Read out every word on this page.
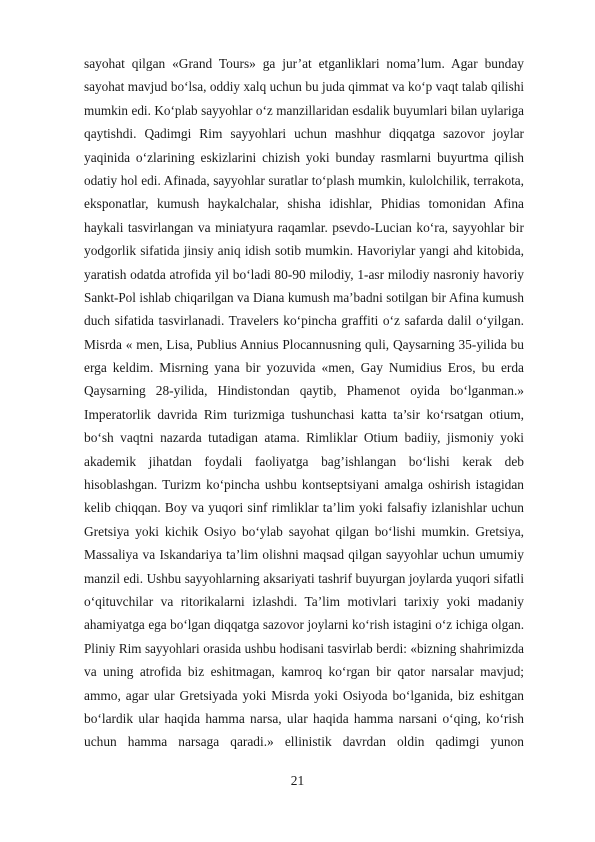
sayohat qilgan «Grand Tours» ga jur’at etganliklari noma’lum. Agar bunday
sayohat mavjud bo‘lsa, oddiy xalq uchun bu juda qimmat va ko‘p vaqt talab qilishi
mumkin edi. Ko‘plab sayyohlar o‘z manzillaridan esdalik buyumlari bilan uylariga
qaytishdi. Qadimgi Rim sayyohlari uchun mashhur diqqatga sazovor joylar
yaqinida o‘zlarining eskizlarini chizish yoki bunday rasmlarni buyurtma qilish
odatiy hol edi. Afinada, sayyohlar suratlar to‘plash mumkin, kulolchilik, terrakota,
eksponatlar, kumush haykalchalar, shisha idishlar, Phidias tomonidan Afina
haykali tasvirlangan va miniatyura raqamlar. psevdo-Lucian ko‘ra, sayyohlar bir
yodgorlik sifatida jinsiy aniq idish sotib mumkin. Havoriylar yangi ahd kitobida,
yaratish odatda atrofida yil bo‘ladi 80-90 milodiy, 1-asr milodiy nasroniy havoriy
Sankt-Pol ishlab chiqarilgan va Diana kumush ma’badni sotilgan bir Afina kumush
duch sifatida tasvirlanadi. Travelers ko‘pincha graffiti o‘z safarda dalil o‘yilgan.
Misrda « men, Lisa, Publius Annius Plocannusning quli, Qaysarning 35-yilida bu
erga keldim. Misrning yana bir yozuvida «men, Gay Numidius Eros, bu erda
Qaysarning 28-yilida, Hindistondan qaytib, Phamenot oyida bo‘lganman.»
Imperatorlik davrida Rim turizmiga tushunchasi katta ta’sir ko‘rsatgan otium,
bo‘sh vaqtni nazarda tutadigan atama. Rimliklar Otium badiiy, jismoniy yoki
akademik jihatdan foydali faoliyatga bag’ishlangan bo‘lishi kerak deb
hisoblashgan. Turizm ko‘pincha ushbu kontseptsiyani amalga oshirish istagidan
kelib chiqqan. Boy va yuqori sinf rimliklar ta’lim yoki falsafiy izlanishlar uchun
Gretsiya yoki kichik Osiyo bo‘ylab sayohat qilgan bo‘lishi mumkin. Gretsiya,
Massaliya va Iskandariya ta’lim olishni maqsad qilgan sayyohlar uchun umumiy
manzil edi. Ushbu sayyohlarning aksariyati tashrif buyurgan joylarda yuqori sifatli
o‘qituvchilar va ritorikalarni izlashdi. Ta’lim motivlari tarixiy yoki madaniy
ahamiyatga ega bo‘lgan diqqatga sazovor joylarni ko‘rish istagini o‘z ichiga olgan.
Pliniy Rim sayyohlari orasida ushbu hodisani tasvirlab berdi: «bizning shahrimizda
va uning atrofida biz eshitmagan, kamroq ko‘rgan bir qator narsalar mavjud;
ammo, agar ular Gretsiyada yoki Misrda yoki Osiyoda bo‘lganida, biz eshitgan
bo‘lardik ular haqida hamma narsa, ular haqida hamma narsani o‘qing, ko‘rish
uchun hamma narsaga qaradi.» ellinistik davrdan oldin qadimgi yunon
21
